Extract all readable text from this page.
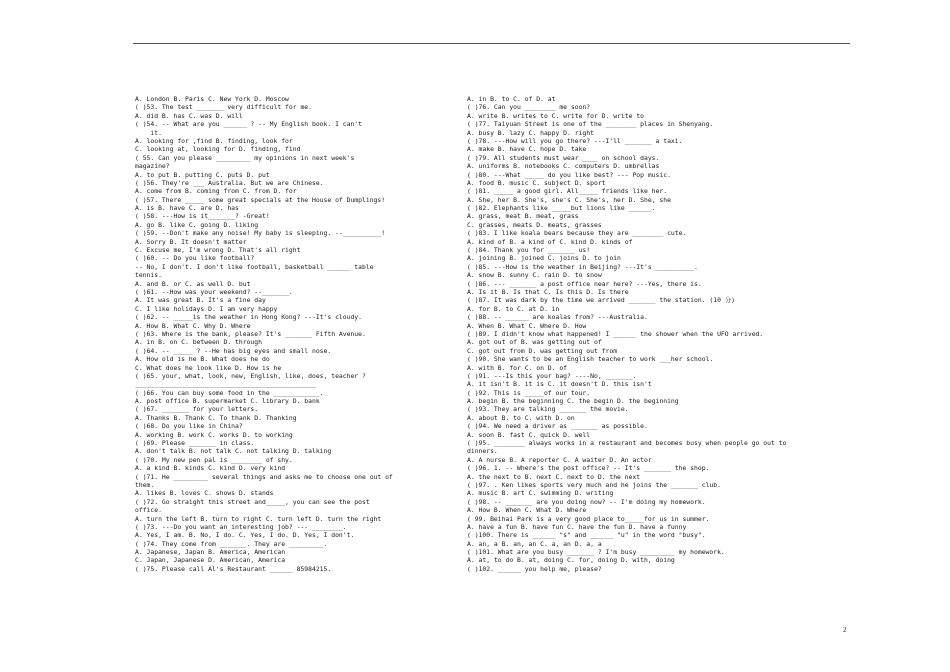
A. London B. Paris C. New York D. Moscow
( )53. The test _______ very difficult for me.
A. did B. has C. was D. will
( )54. -- What are you ______ ? -- My English book. I can't
it.
A. looking for ,find B. finding, look for
C. looking at, looking for D. finding, find
( 55. Can you please _________ my opinions in next week's
magazine?
A. to put B. putting C. puts D. put
( )56. They're ___ Australia. But we are Chinese.
A. come from B. coming from C. from D. for
( )57. There _____ some great specials at the House of Dumplings!
A. is B. have C. are D. has
( )58. ---How is it_______? -Great!
A. go B. like C. going D. liking
( )59. --Don't make any noise! My baby is sleeping. --__________!
A. Sorry B. It doesn't matter
C. Excuse me, I'm wrong D. That's all right
( )60. -- Do you like football?
-- No, I don't. I don't like football, basketball ______ table
tennis.
A. and B. or C. as well D. but
( )61. --How was your weekend? --_______.
A. It was great B. It's a fine day
C. I like holidays D. I am very happy
( )62. -- _____is the weather in Hong Kong? ---It's cloudy.
A. How B. What C. Why D. Where
( )63. Where is the bank, please? It's _______ Fifth Avenue.
A. in B. on C. between D. through
( )64. -- _____ ? --He has big eyes and small nose.
A. How old is he B. What does he do
C. What does he look like D. How is he
( )65. your, what, look, new, English, like, does, teacher ?
_______________________________________________
( )66. You can buy some food in the ____________.
A. post office B. supermarket C. library D. bank
( )67. _______ for your letters.
A. Thanks B. Thank C. To thank D. Thanking
( )68. Do you like in China?
A. working B. work C. works D. to working
( )69. Please _______ in class.
A. don't talk B. not talk C. not talking D. talking
( )70. My new pen pal is ________ of shy.
A. a kind B. kinds C. kind D. very kind
( )71. He _________ several things and asks me to choose one out of
them.
A. likes B. loves C. shows D. stands
( )72. Go straight this street and_____, you can see the post
office.
A. turn the left B. turn to right C. turn left D. turn the right
( )73. ---Do you want an interesting job? --- ________.
A. Yes, I am. B. No, I do. C. Yes, I do. D. Yes, I don't.
( )74. They come from _______. They are _________.
A. Japanese, Japan B. America, American
C. Japan, Japanese D. American, America
( )75. Please call Al's Restaurant ______ 85984215.
A. in B. to C. of D. at
( )76. Can you ________ me soon?
A. write B. writes to C. write for D. write to
( )77. Taiyuan Street is one of the ________ places in Shenyang.
A. busy B. lazy C. happy D. right
( )78. ---How will you go there? ---I'll _______ a taxi.
A. make B. have C. hope D. take
( )79. All students must wear ____ on school days.
A. uniforms B. notebooks C. computers D. umbrellas
( )80. ---What _____ do you like best? --- Pop music.
A. food B. music C. subject D. sport
( )81. _____ a good girl. All_____ friends like her.
A. She, her B. She's, she's C. She's, her D. She, she
( )82. Elephants like _____but lions like ______.
A. grass, meat B. meat, grass
C. grasses, meats D. meats, grasses
( )83. I like koala bears because they are ________ cute.
A. kind of B. a kind of C. kind D. kinds of
( )84. Thank you for _______ us!
A. joining B. joined C. joins D. to join
( )85. ---How is the weather in Beijing? ---It's __________.
A. snow B. sunny C. rain D. to snow
( )86. --- _______ a post office near here? ---Yes, there is.
A. Is it B. Is that C. Is this D. Is there
( )87. It was dark by the time we arrived _______ the station. (10 分)
A. for B. to C. at D. in
( )88. -- ______ are koalas from? ---Australia.
A. When B. What C. Where D. How
( )89. I didn't know what happened! I ______ the shower when the UFO arrived.
A. got out of B. was getting out of
C. got out from D. was getting out from
( )90. She wants to be an English teacher to work ___her school.
A. with B. for C. on D. of
( )91. ---Is this your bag? ----No, _______.
A. it isn't B. it is C. it doesn't D. this isn't
( )92. This is _____of our tour.
A. begin B. the beginning C. the begin D. the beginning
( )93. They are talking _______ the movie.
A. about B. to C. with D. on
( )94. We need a driver as _______ as possible.
A. soon B. fast C. quick D. well
( )95. ________ always works in a restaurant and becomes busy when people go out to
dinners.
A. A nurse B. A reporter C. A waiter D. An actor
( )96. 1. -- Where's the post office? -- It's _______ the shop.
A. the next to B. next C. next to D. the next
( )97. . Ken likes sports very much and he joins the _______ club.
A. music B. art C. swimming D. writing
( )98. -- _______ are you doing now? -- I'm doing my homework.
A. How B. When C. What D. Where
( 99. Beihai Park is a very good place to_____for us in summer.
A. have a fun B. have fun C. have the fun D. have a funny
( )100. There is ______ "s" and ______ "u" in the word "busy".
A. an, a B. an, an C. a, an D. a, a
( )101. What are you busy _______ ? I'm busy _________ my homework.
A. at, to do B. at, doing C. for, doing D. with, doing
( )102. ______ you help me, please?
2
